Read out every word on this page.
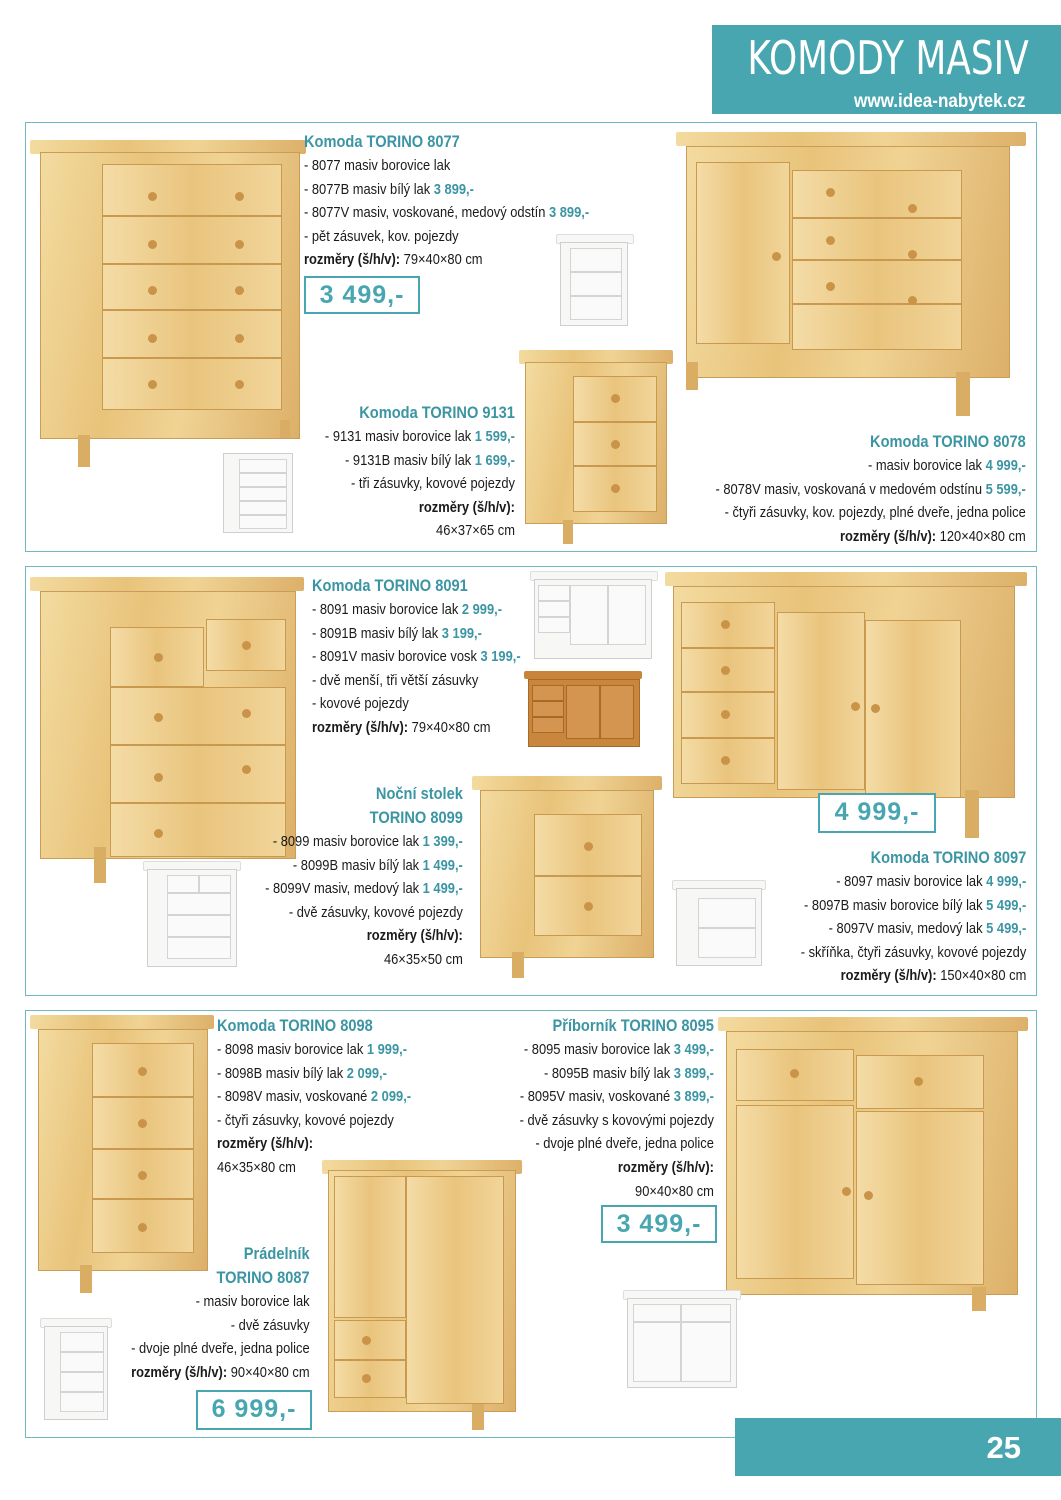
KOMODY MASIV
www.idea-nabytek.cz
Komoda TORINO 8077
- 8077 masiv borovice lak
- 8077B masiv bílý lak 3 899,-
- 8077V masiv, voskované, medový odstín 3 899,-
- pět zásuvek, kov. pojezdy
rozměry (š/h/v): 79×40×80 cm
3 499,-
Komoda TORINO 9131
- 9131 masiv borovice lak 1 599,-
- 9131B masiv bílý lak 1 699,-
- tři zásuvky, kovové pojezdy
rozměry (š/h/v):
46×37×65 cm
Komoda TORINO 8078
- masiv borovice lak 4 999,-
- 8078V masiv, voskovaná v medovém odstínu 5 599,-
- čtyři zásuvky, kov. pojezdy, plné dveře, jedna police
rozměry (š/h/v): 120×40×80 cm
Komoda TORINO 8091
- 8091 masiv borovice lak 2 999,-
- 8091B masiv bílý lak 3 199,-
- 8091V masiv borovice vosk 3 199,-
- dvě menší, tři větší zásuvky
- kovové pojezdy
rozměry (š/h/v): 79×40×80 cm
Noční stolek
TORINO 8099
- 8099 masiv borovice lak 1 399,-
- 8099B masiv bílý lak 1 499,-
- 8099V masiv, medový lak 1 499,-
- dvě zásuvky, kovové pojezdy
rozměry (š/h/v):
46×35×50 cm
4 999,-
Komoda TORINO 8097
- 8097 masiv borovice lak 4 999,-
- 8097B masiv borovice bílý lak 5 499,-
- 8097V masiv, medový lak 5 499,-
- skříňka, čtyři zásuvky, kovové pojezdy
rozměry (š/h/v): 150×40×80 cm
Komoda TORINO 8098
- 8098 masiv borovice lak 1 999,-
- 8098B masiv bílý lak 2 099,-
- 8098V masiv, voskované 2 099,-
- čtyři zásuvky, kovové pojezdy
rozměry (š/h/v):
46×35×80 cm
Prádelník
TORINO 8087
- masiv borovice lak
- dvě zásuvky
- dvoje plné dveře, jedna police
rozměry (š/h/v): 90×40×80 cm
6 999,-
Příborník TORINO 8095
- 8095 masiv borovice lak 3 499,-
- 8095B masiv bílý lak 3 899,-
- 8095V masiv, voskované 3 899,-
- dvě zásuvky s kovovými pojezdy
- dvoje plné dveře, jedna police
rozměry (š/h/v):
90×40×80 cm
3 499,-
25
